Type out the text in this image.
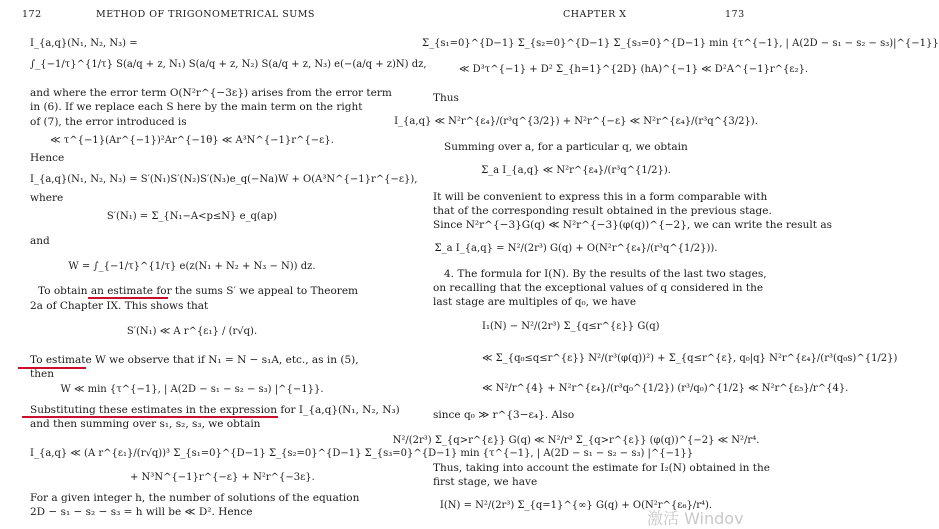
172	METHOD OF TRIGONOMETRICAL SUMS
I_{a,q}(N₁, N₂, N₃) =
∫_{−1/τ}^{1/τ} S(a/q + z, N₁) S(a/q + z, N₂) S(a/q + z, N₃) e(−(a/q + z)N) dz,
and where the error term O(N²r^{−3ε}) arises from the error term
in (6). If we replace each S here by the main term on the right
of (7), the error introduced is
≪ τ^{−1}(Ar^{−1})²Ar^{−1θ} ≪ A³N^{−1}r^{−ε}.
Hence
I_{a,q}(N₁, N₂, N₃) = S′(N₁)S′(N₂)S′(N₃)e_q(−Na)W + O(A³N^{−1}r^{−ε}),
where
S′(N₁) = Σ_{N₁−A<p≤N} e_q(ap)
and
W = ∫_{−1/τ}^{1/τ} e(z(N₁ + N₂ + N₃ − N)) dz.
To obtain an estimate for the sums S′ we appeal to Theorem
2a of Chapter IX. This shows that
S′(N₁) ≪ A r^{ε₁} / (r√q).
To estimate W we observe that if N₁ = N − s₁A, etc., as in (5),
then
W ≪ min {τ^{−1}, | A(2D − s₁ − s₂ − s₃) |^{−1}}.
Substituting these estimates in the expression for I_{a,q}(N₁, N₂, N₃)
and then summing over s₁, s₂, s₃, we obtain
I_{a,q} ≪ (A r^{ε₁}/(r√q))³ Σ_{s₁=0}^{D−1} Σ_{s₂=0}^{D−1} Σ_{s₃=0}^{D−1} min {τ^{−1}, | A(2D − s₁ − s₂ − s₃) |^{−1}}
+ N³N^{−1}r^{−ε} + N²r^{−3ε}.
For a given integer h, the number of solutions of the equation
2D − s₁ − s₂ − s₃ = h will be ≪ D². Hence
CHAPTER X	173
Σ_{s₁=0}^{D−1} Σ_{s₂=0}^{D−1} Σ_{s₃=0}^{D−1} min {τ^{−1}, | A(2D − s₁ − s₂ − s₃)|^{−1}}
≪ D³τ^{−1} + D² Σ_{h=1}^{2D} (hA)^{−1} ≪ D²A^{−1}r^{ε₂}.
Thus
I_{a,q} ≪ N²r^{ε₄}/(r³q^{3/2}) + N²r^{−ε} ≪ N²r^{ε₄}/(r³q^{3/2}).
Summing over a, for a particular q, we obtain
Σ_a I_{a,q} ≪ N²r^{ε₄}/(r³q^{1/2}).
It will be convenient to express this in a form comparable with
that of the corresponding result obtained in the previous stage.
Since N²r^{−3}G(q) ≪ N²r^{−3}(φ(q))^{−2}, we can write the result as
Σ_a I_{a,q} = N²/(2r³) G(q) + O(N²r^{ε₄}/(r³q^{1/2})).
4. The formula for I(N). By the results of the last two stages,
on recalling that the exceptional values of q considered in the
last stage are multiples of q₀, we have
I₁(N) − N²/(2r³) Σ_{q≤r^{ε}} G(q)
≪ Σ_{q₀≤q≤r^{ε}} N²/(r³(φ(q))²) + Σ_{q≤r^{ε}, q₀|q} N²r^{ε₄}/(r³(q₀s)^{1/2})
≪ N²/r^{4} + N²r^{ε₄}/(r³q₀^{1/2}) (r³/q₀)^{1/2} ≪ N²r^{ε₅}/r^{4}.
since q₀ ≫ r^{3−ε₄}. Also
N²/(2r³) Σ_{q>r^{ε}} G(q) ≪ N²/r³ Σ_{q>r^{ε}} (φ(q))^{−2} ≪ N²/r⁴.
Thus, taking into account the estimate for I₂(N) obtained in the
first stage, we have
I(N) = N²/(2r³) Σ_{q=1}^{∞} G(q) + O(N²r^{ε₆}/r⁴).
激活 Windov
